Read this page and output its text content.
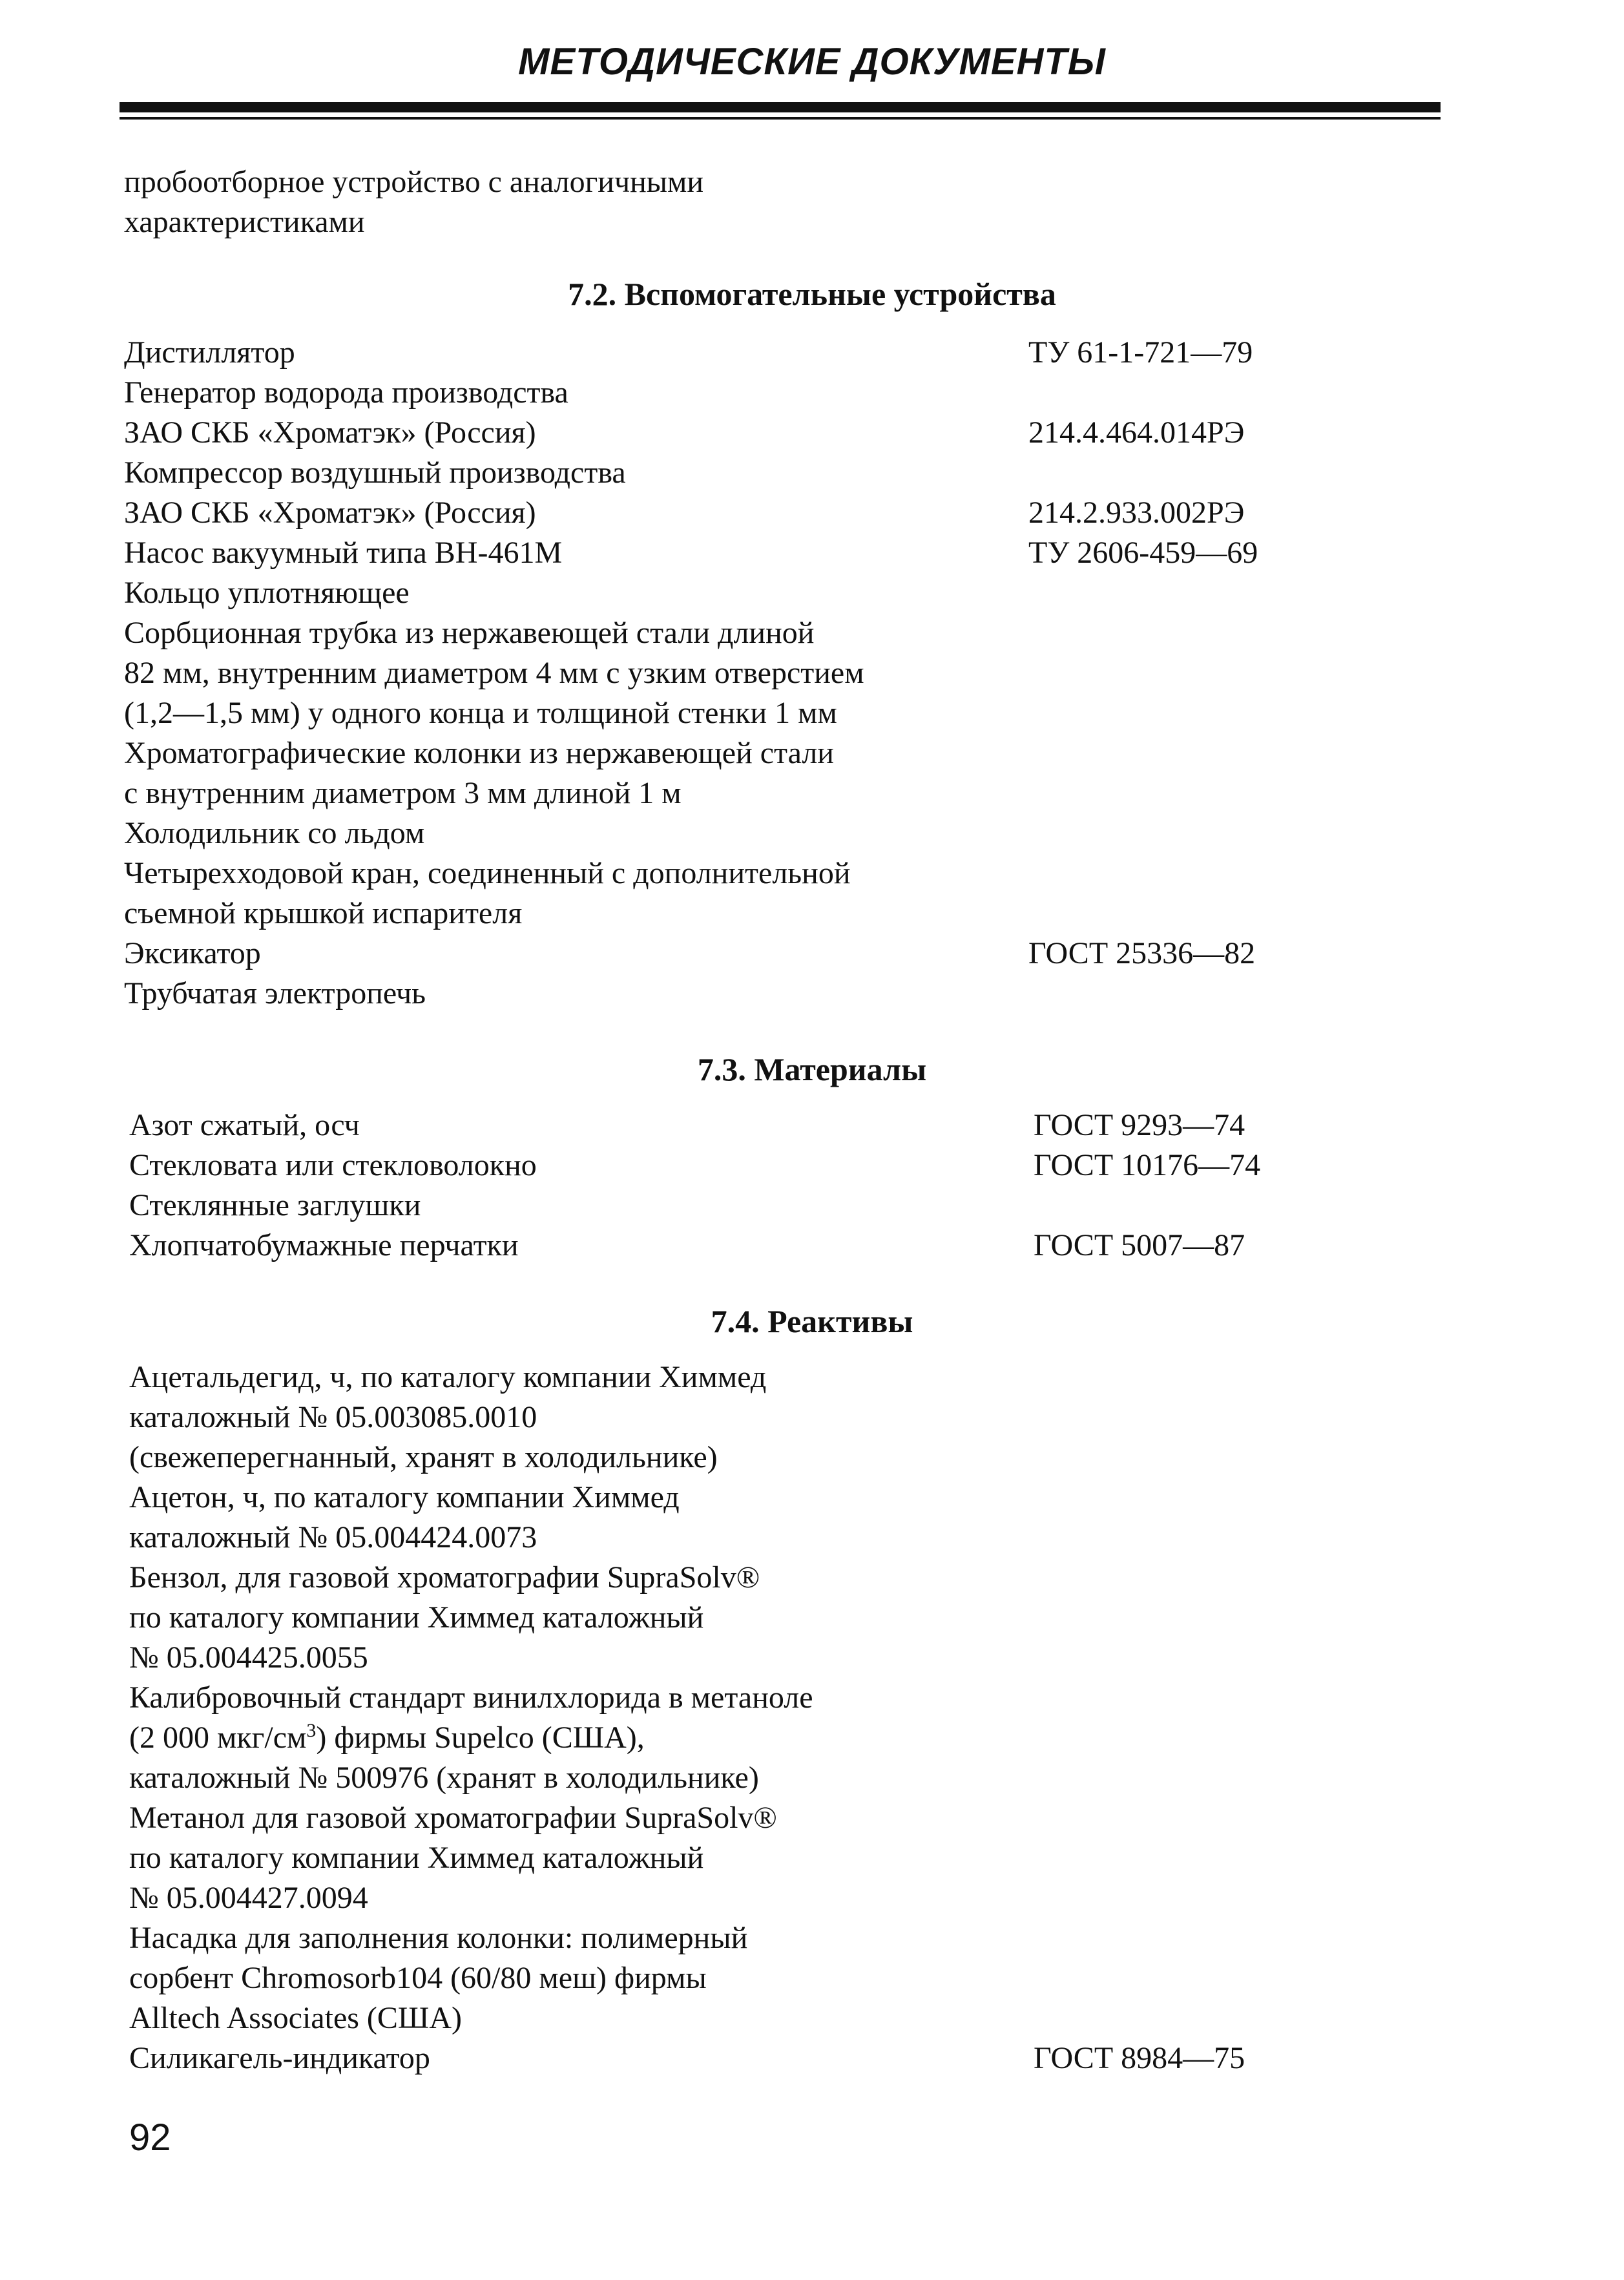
МЕТОДИЧЕСКИЕ ДОКУМЕНТЫ
пробоотборное устройство с аналогичными
характеристиками
7.2. Вспомогательные устройства
Дистиллятор
Генератор водорода производства
ЗАО СКБ «Хроматэк» (Россия)
Компрессор воздушный производства
ЗАО СКБ «Хроматэк» (Россия)
Насос вакуумный типа ВН-461М
Кольцо уплотняющее
Сорбционная трубка из нержавеющей стали длиной
82 мм, внутренним диаметром 4 мм с узким отверстием
(1,2—1,5 мм) у одного конца и толщиной стенки 1 мм
Хроматографические колонки из нержавеющей стали
с внутренним диаметром 3 мм длиной 1 м
Холодильник со льдом
Четырехходовой кран, соединенный с дополнительной
съемной крышкой испарителя
Эксикатор
Трубчатая электропечь
ТУ 61-1-721—79
214.4.464.014РЭ
214.2.933.002РЭ
ТУ 2606-459—69
ГОСТ 25336—82
7.3. Материалы
Азот сжатый, осч
Стекловата или стекловолокно
Стеклянные заглушки
Хлопчатобумажные перчатки
ГОСТ 9293—74
ГОСТ 10176—74
ГОСТ 5007—87
7.4. Реактивы
Ацетальдегид, ч, по каталогу компании Химмед
каталожный № 05.003085.0010
(свежеперегнанный, хранят в холодильнике)
Ацетон, ч, по каталогу компании Химмед
каталожный № 05.004424.0073
Бензол, для газовой хроматографии SupraSolv®
по каталогу компании Химмед каталожный
№ 05.004425.0055
Калибровочный стандарт винилхлорида в метаноле
(2 000 мкг/$см^3$) фирмы Supelco (США),
каталожный № 500976 (хранят в холодильнике)
Метанол для газовой хроматографии SupraSolv®
по каталогу компании Химмед каталожный
№ 05.004427.0094
Насадка для заполнения колонки: полимерный
сорбент Chromosorb104 (60/80 меш) фирмы
Alltech Associates (США)
Силикагель-индикатор	ГОСТ 8984—75
92
